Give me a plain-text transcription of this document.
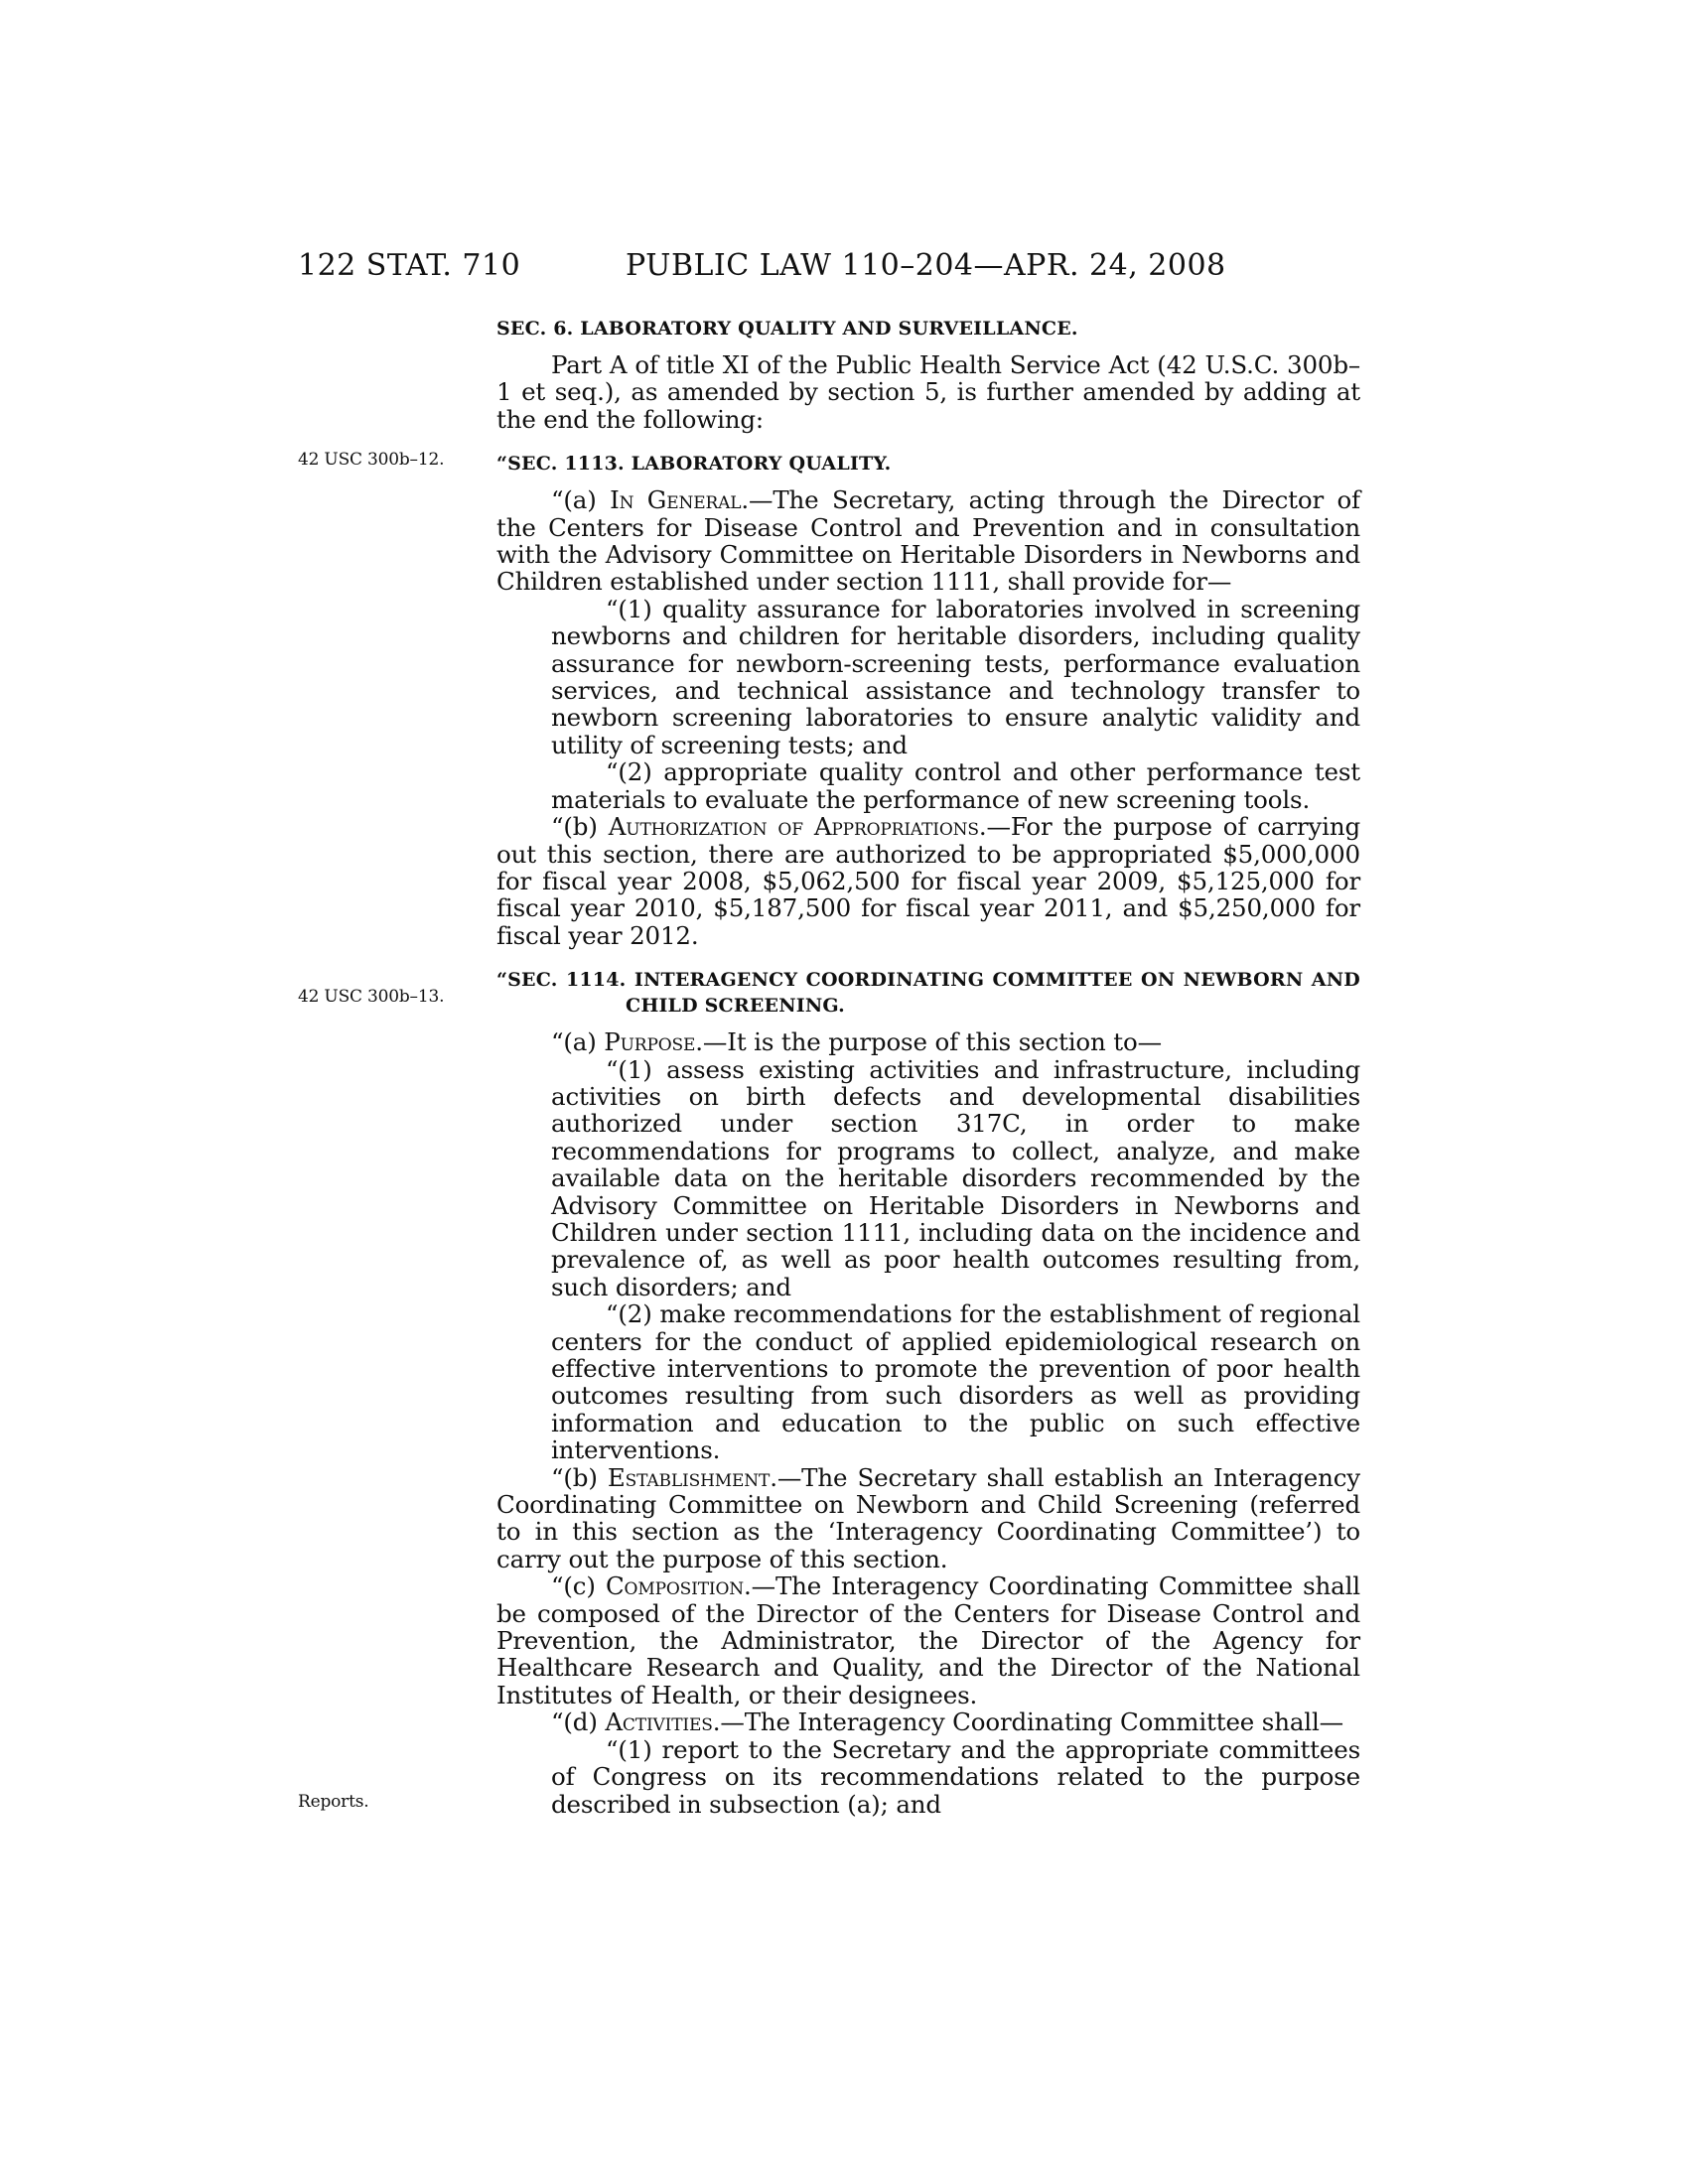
122 STAT. 710	PUBLIC LAW 110–204—APR. 24, 2008
42 USC 300b–12.
42 USC 300b–13.
Reports.

SEC. 6. LABORATORY QUALITY AND SURVEILLANCE.

Part A of title XI of the Public Health Service Act (42 U.S.C. 300b–1 et seq.), as amended by section 5, is further amended by adding at the end the following:

“SEC. 1113. LABORATORY QUALITY.

“(a) In General.—The Secretary, acting through the Director of the Centers for Disease Control and Prevention and in consultation with the Advisory Committee on Heritable Disorders in Newborns and Children established under section 1111, shall provide for—

“(1) quality assurance for laboratories involved in screening newborns and children for heritable disorders, including quality assurance for newborn-screening tests, performance evaluation services, and technical assistance and technology transfer to newborn screening laboratories to ensure analytic validity and utility of screening tests; and

“(2) appropriate quality control and other performance test materials to evaluate the performance of new screening tools.

“(b) Authorization of Appropriations.—For the purpose of carrying out this section, there are authorized to be appropriated $5,000,000 for fiscal year 2008, $5,062,500 for fiscal year 2009, $5,125,000 for fiscal year 2010, $5,187,500 for fiscal year 2011, and $5,250,000 for fiscal year 2012.

“SEC. 1114. INTERAGENCY COORDINATING COMMITTEE ON NEWBORN AND CHILD SCREENING.

“(a) Purpose.—It is the purpose of this section to—

“(1) assess existing activities and infrastructure, including activities on birth defects and developmental disabilities authorized under section 317C, in order to make recommendations for programs to collect, analyze, and make available data on the heritable disorders recommended by the Advisory Committee on Heritable Disorders in Newborns and Children under section 1111, including data on the incidence and prevalence of, as well as poor health outcomes resulting from, such disorders; and

“(2) make recommendations for the establishment of regional centers for the conduct of applied epidemiological research on effective interventions to promote the prevention of poor health outcomes resulting from such disorders as well as providing information and education to the public on such effective interventions.

“(b) Establishment.—The Secretary shall establish an Interagency Coordinating Committee on Newborn and Child Screening (referred to in this section as the ‘Interagency Coordinating Committee’) to carry out the purpose of this section.

“(c) Composition.—The Interagency Coordinating Committee shall be composed of the Director of the Centers for Disease Control and Prevention, the Administrator, the Director of the Agency for Healthcare Research and Quality, and the Director of the National Institutes of Health, or their designees.

“(d) Activities.—The Interagency Coordinating Committee shall—

“(1) report to the Secretary and the appropriate committees of Congress on its recommendations related to the purpose described in subsection (a); and
